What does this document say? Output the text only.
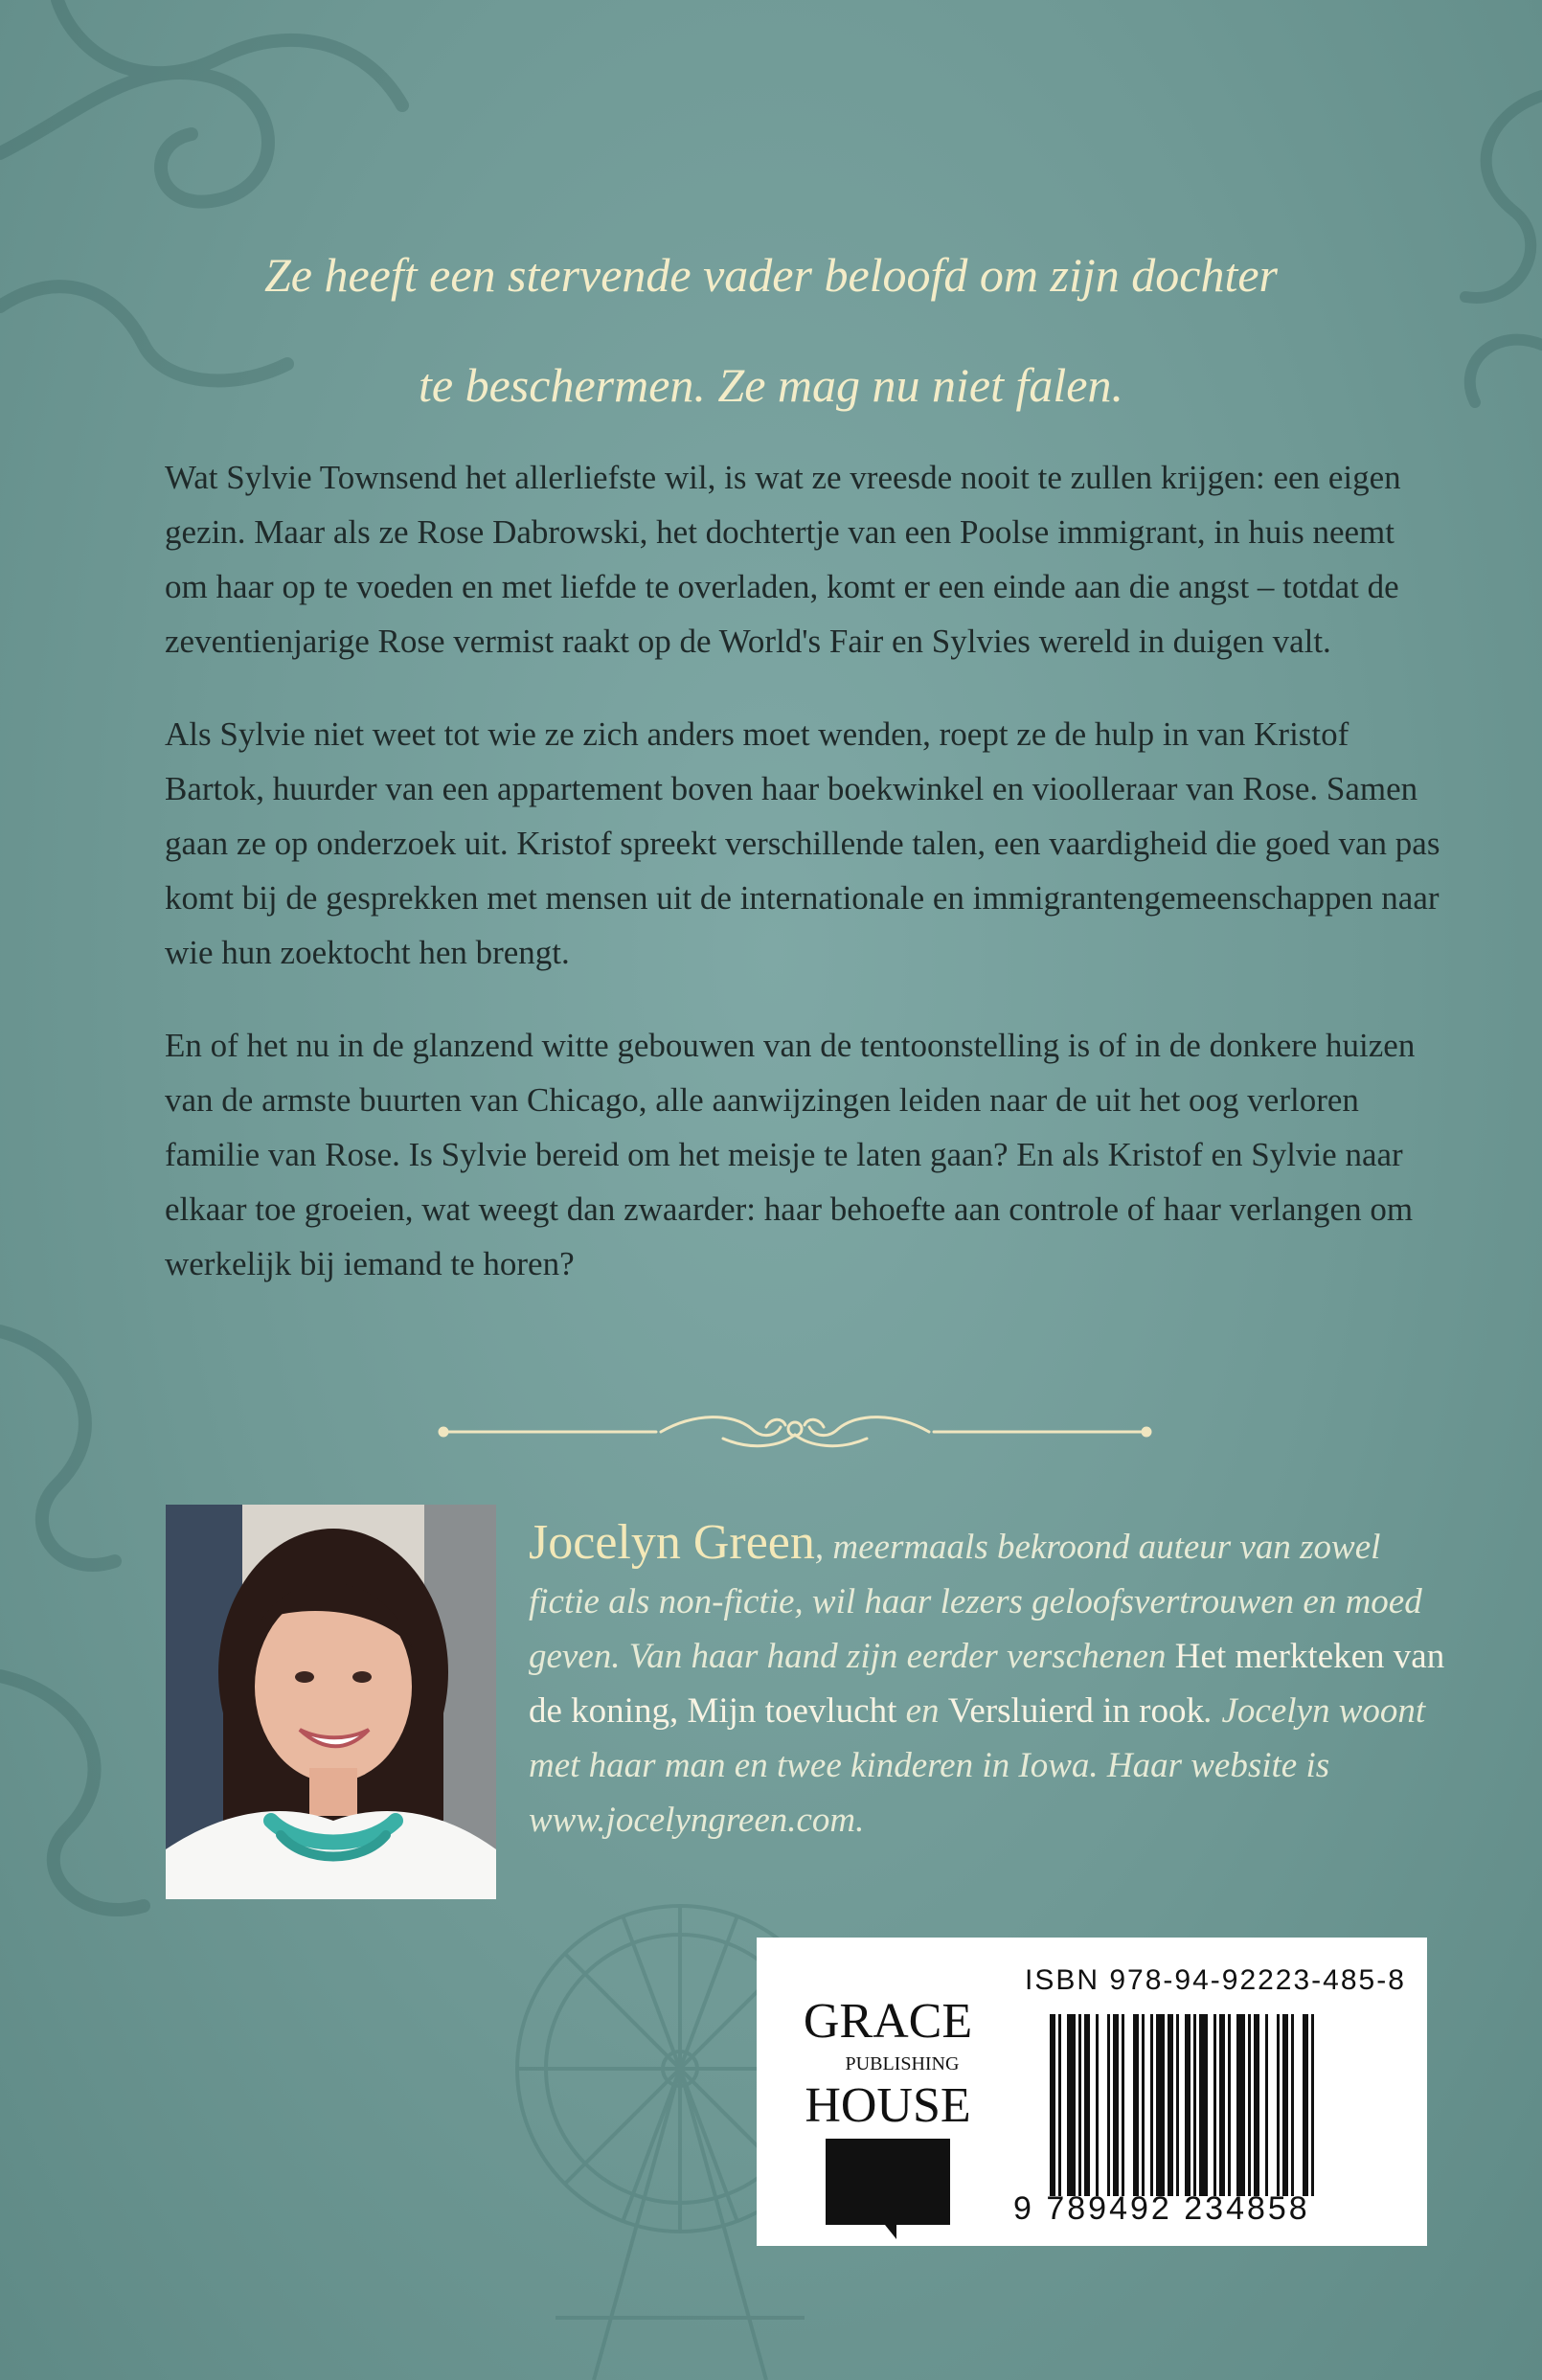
Ze heeft een stervende vader beloofd om zijn dochter
te beschermen. Ze mag nu niet falen.

Wat Sylvie Townsend het allerliefste wil, is wat ze vreesde nooit te zullen krijgen: een eigen gezin. Maar als ze Rose Dabrowski, het dochtertje van een Poolse immigrant, in huis neemt om haar op te voeden en met liefde te overladen, komt er een einde aan die angst – totdat de zeventienjarige Rose vermist raakt op de World's Fair en Sylvies wereld in duigen valt.

Als Sylvie niet weet tot wie ze zich anders moet wenden, roept ze de hulp in van Kristof Bartok, huurder van een appartement boven haar boekwinkel en vioolleraar van Rose. Samen gaan ze op onderzoek uit. Kristof spreekt verschillende talen, een vaardigheid die goed van pas komt bij de gesprekken met mensen uit de internationale en immigrantengemeenschappen naar wie hun zoektocht hen brengt.

En of het nu in de glanzend witte gebouwen van de tentoonstelling is of in de donkere huizen van de armste buurten van Chicago, alle aanwijzingen leiden naar de uit het oog verloren familie van Rose. Is Sylvie bereid om het meisje te laten gaan? En als Kristof en Sylvie naar elkaar toe groeien, wat weegt dan zwaarder: haar behoefte aan controle of haar verlangen om werkelijk bij iemand te horen?

Jocelyn Green, meermaals bekroond auteur van zowel fictie als non-fictie, wil haar lezers geloofsvertrouwen en moed geven. Van haar hand zijn eerder verschenen Het merkteken van de koning, Mijn toevlucht en Versluierd in rook. Jocelyn woont met haar man en twee kinderen in Iowa. Haar website is www.jocelyngreen.com.
GRACE
PUBLISHING
HOUSE
ISBN 978-94-92223-485-8
9 789492 234858
